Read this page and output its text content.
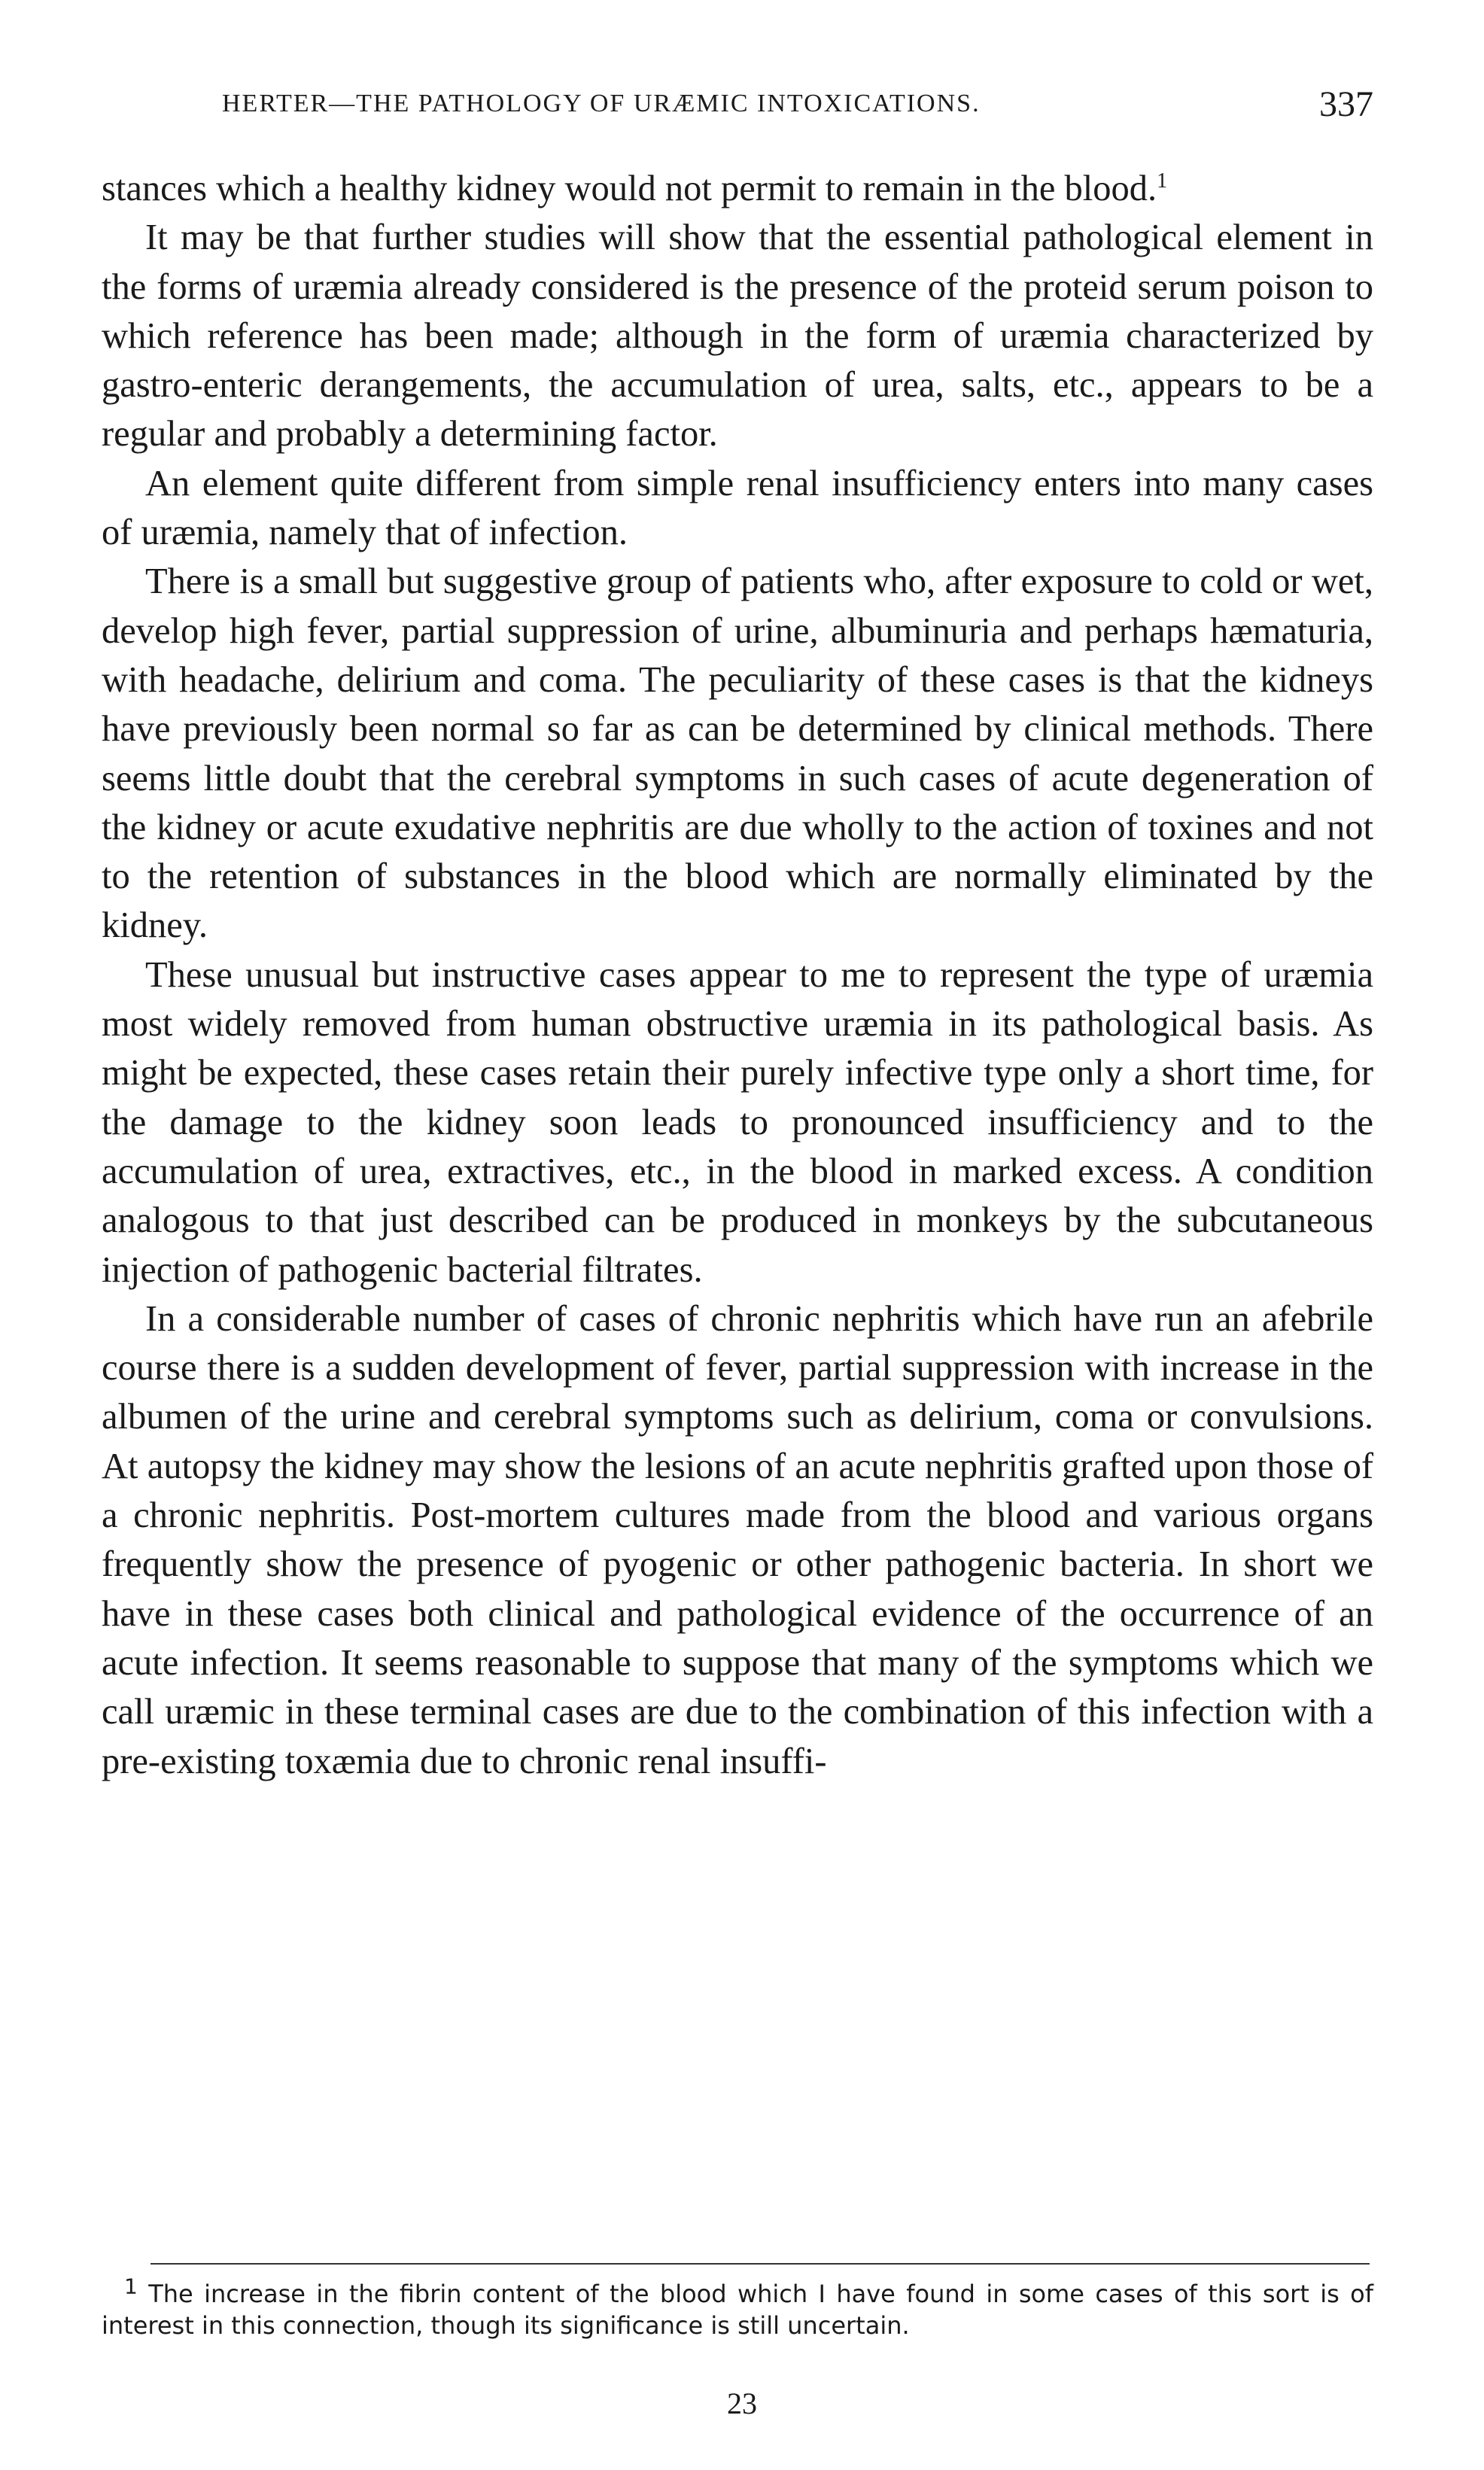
HERTER—THE PATHOLOGY OF URÆMIC INTOXICATIONS.	337

stances which a healthy kidney would not permit to remain in the blood.$^1$

It may be that further studies will show that the essential pathological element in the forms of uræmia already considered is the presence of the proteid serum poison to which reference has been made; although in the form of uræmia characterized by gastro-enteric derangements, the accumulation of urea, salts, etc., appears to be a regular and probably a determining factor.

An element quite different from simple renal insufficiency enters into many cases of uræmia, namely that of infection.

There is a small but suggestive group of patients who, after exposure to cold or wet, develop high fever, partial suppression of urine, albuminuria and perhaps hæmaturia, with headache, delirium and coma. The peculiarity of these cases is that the kidneys have previously been normal so far as can be determined by clinical methods. There seems little doubt that the cerebral symptoms in such cases of acute degeneration of the kidney or acute exudative nephritis are due wholly to the action of toxines and not to the retention of substances in the blood which are normally eliminated by the kidney.

These unusual but instructive cases appear to me to represent the type of uræmia most widely removed from human obstructive uræmia in its pathological basis. As might be expected, these cases retain their purely infective type only a short time, for the damage to the kidney soon leads to pronounced insufficiency and to the accumulation of urea, extractives, etc., in the blood in marked excess. A condition analogous to that just described can be produced in monkeys by the subcutaneous injection of pathogenic bacterial filtrates.

In a considerable number of cases of chronic nephritis which have run an afebrile course there is a sudden development of fever, partial suppression with increase in the albumen of the urine and cerebral symptoms such as delirium, coma or convulsions. At autopsy the kidney may show the lesions of an acute nephritis grafted upon those of a chronic nephritis. Post-mortem cultures made from the blood and various organs frequently show the presence of pyogenic or other pathogenic bacteria. In short we have in these cases both clinical and pathological evidence of the occurrence of an acute infection. It seems reasonable to suppose that many of the symptoms which we call uræmic in these terminal cases are due to the combination of this infection with a pre-existing toxæmia due to chronic renal insuffi-

$^1$ The increase in the fibrin content of the blood which I have found in some cases of this sort is of interest in this connection, though its significance is still uncertain.
23
